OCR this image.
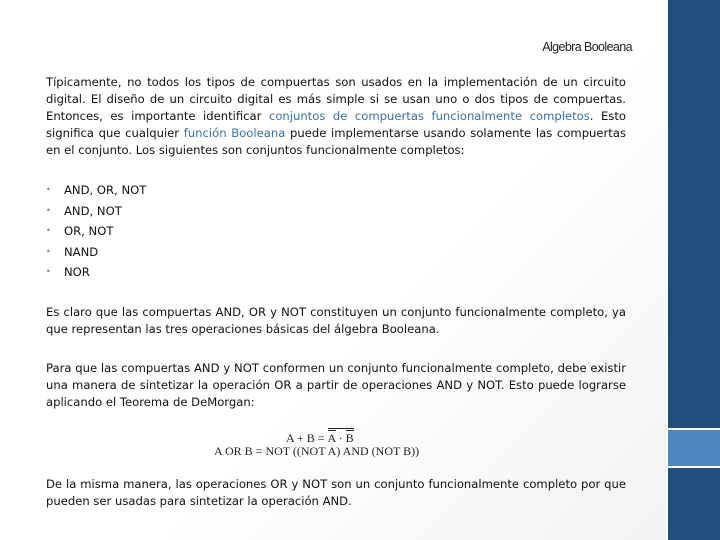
Algebra Booleana

Típicamente, no todos los tipos de compuertas son usados en la implementación de un circuito digital. El diseño de un circuito digital es más simple si se usan uno o dos tipos de compuertas. Entonces, es importante identificar conjuntos de compuertas funcionalmente completos. Esto significa que cualquier función Booleana puede implementarse usando solamente las compuertas en el conjunto. Los siguientes son conjuntos funcionalmente completos:

• AND, OR, NOT
• AND, NOT
• OR, NOT
• NAND
• NOR

Es claro que las compuertas AND, OR y NOT constituyen un conjunto funcionalmente completo, ya que representan las tres operaciones básicas del álgebra Booleana.

Para que las compuertas AND y NOT conformen un conjunto funcionalmente completo, debe existir una manera de sintetizar la operación OR a partir de operaciones AND y NOT. Esto puede lograrse aplicando el Teorema de DeMorgan:

A + B = A · B
A OR B = NOT ((NOT A) AND (NOT B))

De la misma manera, las operaciones OR y NOT son un conjunto funcionalmente completo por que pueden ser usadas para sintetizar la operación AND.
